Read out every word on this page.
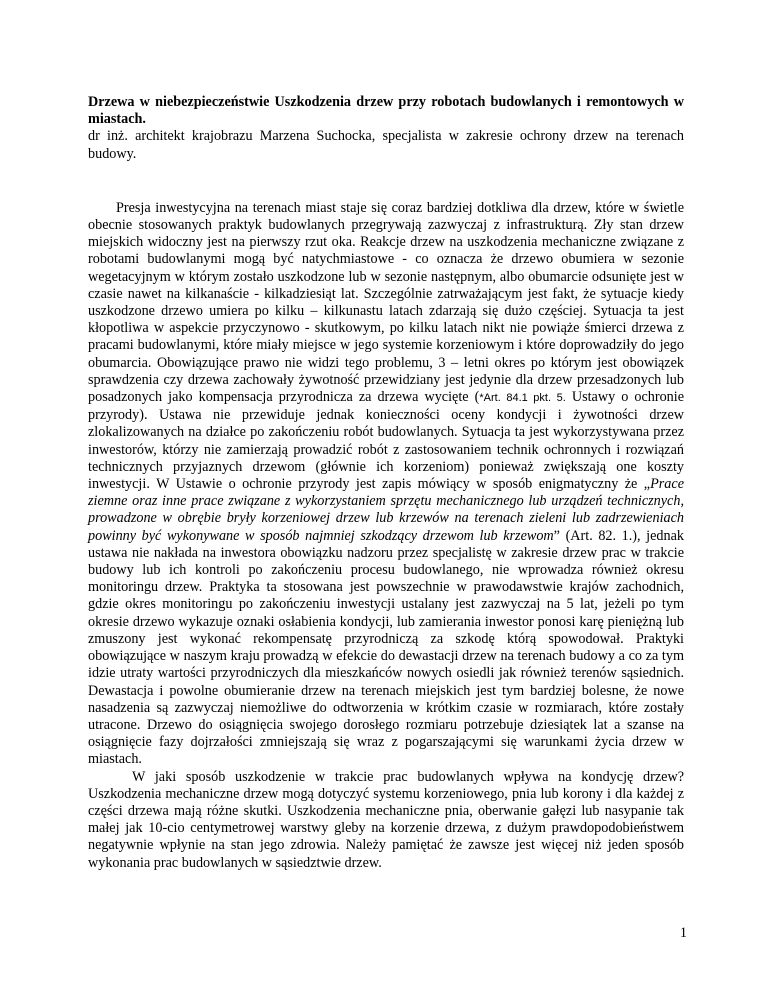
Drzewa w niebezpieczeństwie Uszkodzenia drzew przy robotach budowlanych i remontowych w miastach.
dr inż. architekt krajobrazu Marzena Suchocka, specjalista w zakresie ochrony drzew na terenach budowy.

Presja inwestycyjna na terenach miast staje się coraz bardziej dotkliwa dla drzew, które w świetle obecnie stosowanych praktyk budowlanych przegrywają zazwyczaj z infrastrukturą. Zły stan drzew miejskich widoczny jest na pierwszy rzut oka. Reakcje drzew na uszkodzenia mechaniczne związane z robotami budowlanymi mogą być natychmiastowe - co oznacza że drzewo obumiera w sezonie wegetacyjnym w którym zostało uszkodzone lub w sezonie następnym, albo obumarcie odsunięte jest w czasie nawet na kilkanaście - kilkadziesiąt lat. Szczególnie zatrważającym jest fakt, że sytuacje kiedy uszkodzone drzewo umiera po kilku – kilkunastu latach zdarzają się dużo częściej. Sytuacja ta jest kłopotliwa w aspekcie przyczynowo - skutkowym, po kilku latach nikt nie powiąże śmierci drzewa z pracami budowlanymi, które miały miejsce w jego systemie korzeniowym i które doprowadziły do jego obumarcia. Obowiązujące prawo nie widzi tego problemu, 3 – letni okres po którym jest obowiązek sprawdzenia czy drzewa zachowały żywotność przewidziany jest jedynie dla drzew przesadzonych lub posadzonych jako kompensacja przyrodnicza za drzewa wycięte (*Art. 84.1 pkt. 5. Ustawy o ochronie przyrody). Ustawa nie przewiduje jednak konieczności oceny kondycji i żywotności drzew zlokalizowanych na działce po zakończeniu robót budowlanych. Sytuacja ta jest wykorzystywana przez inwestorów, którzy nie zamierzają prowadzić robót z zastosowaniem technik ochronnych i rozwiązań technicznych przyjaznych drzewom (głównie ich korzeniom) ponieważ zwiększają one koszty inwestycji. W Ustawie o ochronie przyrody jest zapis mówiący w sposób enigmatyczny że „Prace ziemne oraz inne prace związane z wykorzystaniem sprzętu mechanicznego lub urządzeń technicznych, prowadzone w obrębie bryły korzeniowej drzew lub krzewów na terenach zieleni lub zadrzewieniach powinny być wykonywane w sposób najmniej szkodzący drzewom lub krzewom” (Art. 82. 1.), jednak ustawa nie nakłada na inwestora obowiązku nadzoru przez specjalistę w zakresie drzew prac w trakcie budowy lub ich kontroli po zakończeniu procesu budowlanego, nie wprowadza również okresu monitoringu drzew. Praktyka ta stosowana jest powszechnie w prawodawstwie krajów zachodnich, gdzie okres monitoringu po zakończeniu inwestycji ustalany jest zazwyczaj na 5 lat, jeżeli po tym okresie drzewo wykazuje oznaki osłabienia kondycji, lub zamierania inwestor ponosi karę pieniężną lub zmuszony jest wykonać rekompensatę przyrodniczą za szkodę którą spowodował. Praktyki obowiązujące w naszym kraju prowadzą w efekcie do dewastacji drzew na terenach budowy a co za tym idzie utraty wartości przyrodniczych dla mieszkańców nowych osiedli jak również terenów sąsiednich. Dewastacja i powolne obumieranie drzew na terenach miejskich jest tym bardziej bolesne, że nowe nasadzenia są zazwyczaj niemożliwe do odtworzenia w krótkim czasie w rozmiarach, które zostały utracone. Drzewo do osiągnięcia swojego dorosłego rozmiaru potrzebuje dziesiątek lat a szanse na osiągnięcie fazy dojrzałości zmniejszają się wraz z pogarszającymi się warunkami życia drzew w miastach.

W jaki sposób uszkodzenie w trakcie prac budowlanych wpływa na kondycję drzew? Uszkodzenia mechaniczne drzew mogą dotyczyć systemu korzeniowego, pnia lub korony i dla każdej z części drzewa mają różne skutki. Uszkodzenia mechaniczne pnia, oberwanie gałęzi lub nasypanie tak małej jak 10-cio centymetrowej warstwy gleby na korzenie drzewa, z dużym prawdopodobieństwem negatywnie wpłynie na stan jego zdrowia. Należy pamiętać że zawsze jest więcej niż jeden sposób wykonania prac budowlanych w sąsiedztwie drzew.

1
